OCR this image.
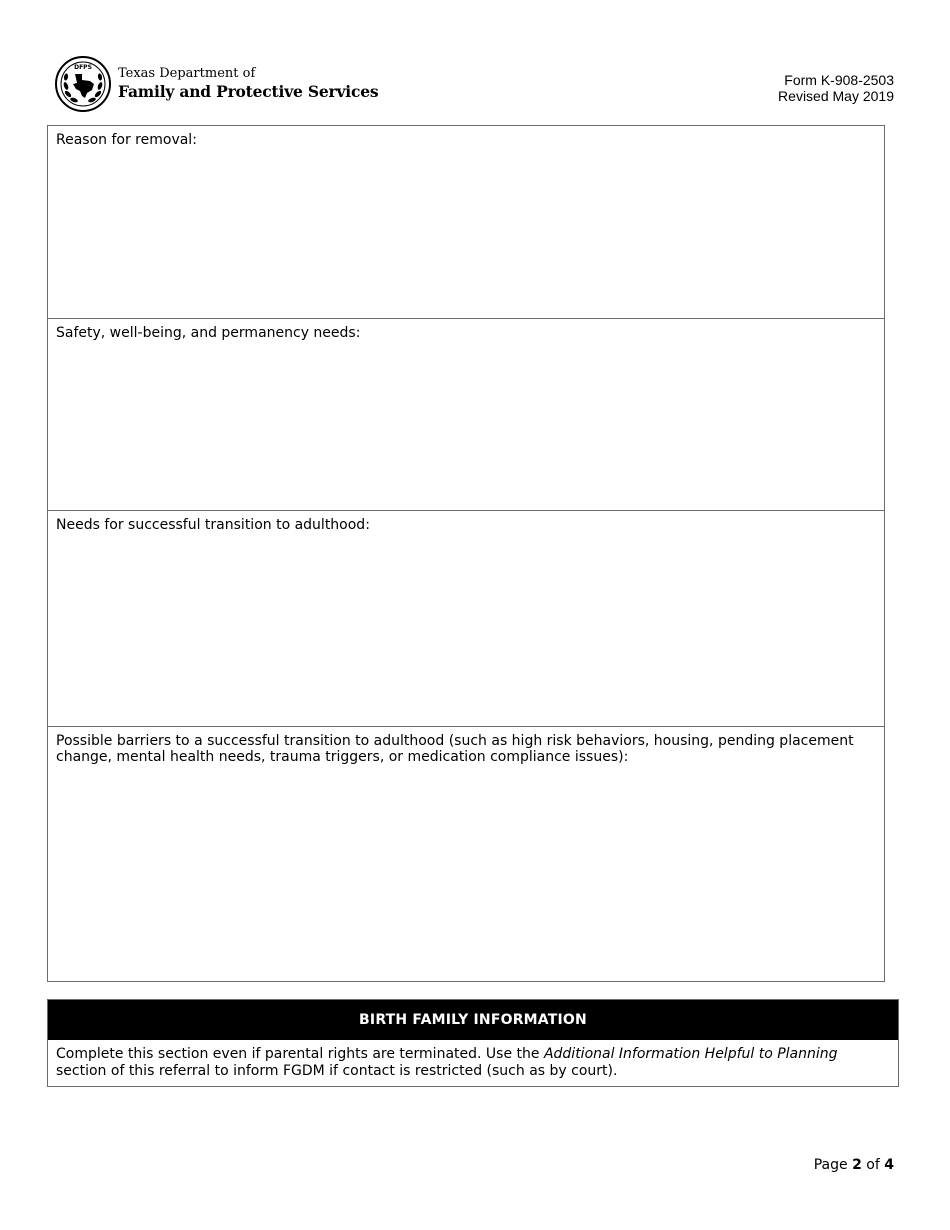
DFPS Texas Department of
Family and Protective Services
Form K-908-2503
Revised May 2019
Reason for removal:
Safety, well-being, and permanency needs:
Needs for successful transition to adulthood:
Possible barriers to a successful transition to adulthood (such as high risk behaviors, housing, pending placement change, mental health needs, trauma triggers, or medication compliance issues):
BIRTH FAMILY INFORMATION
Complete this section even if parental rights are terminated. Use the Additional Information Helpful to Planning section of this referral to inform FGDM if contact is restricted (such as by court).
Page 2 of 4
